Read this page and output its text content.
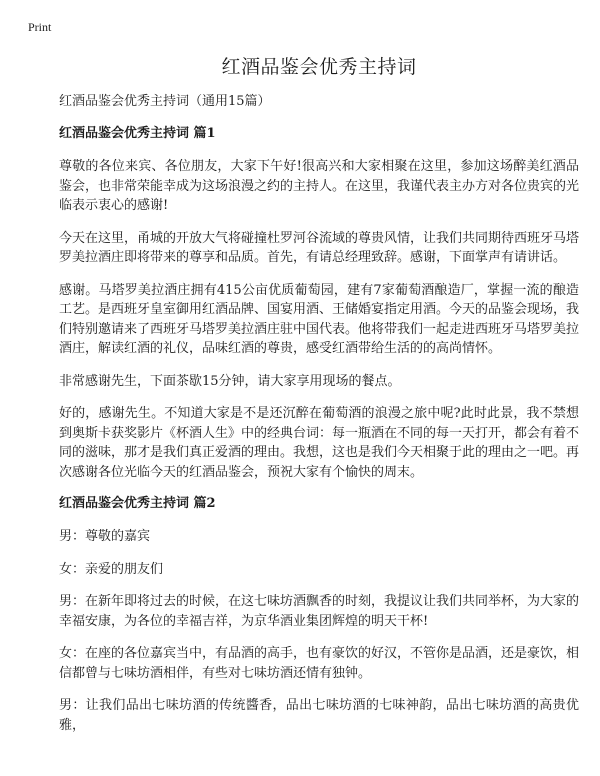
Print
红酒品鉴会优秀主持词
红酒品鉴会优秀主持词（通用15篇）
红酒品鉴会优秀主持词 篇1

尊敬的各位来宾、各位朋友，大家下午好!很高兴和大家相聚在这里，参加这场醉美红酒品鉴会，也非常荣能幸成为这场浪漫之约的主持人。在这里，我谨代表主办方对各位贵宾的光临表示衷心的感谢!

今天在这里，甬城的开放大气将碰撞杜罗河谷流域的尊贵风情，让我们共同期待西班牙马塔罗美拉酒庄即将带来的尊享和品质。首先，有请总经理致辞。感谢，下面掌声有请讲话。

感谢。马塔罗美拉酒庄拥有415公亩优质葡萄园，建有7家葡萄酒酿造厂，掌握一流的酿造工艺。是西班牙皇室御用红酒品牌、国宴用酒、王储婚宴指定用酒。今天的品鉴会现场，我们特别邀请来了西班牙马塔罗美拉酒庄驻中国代表。他将带我们一起走进西班牙马塔罗美拉酒庄，解读红酒的礼仪，品味红酒的尊贵，感受红酒带给生活的的高尚情怀。

非常感谢先生，下面茶歇15分钟，请大家享用现场的餐点。

好的，感谢先生。不知道大家是不是还沉醉在葡萄酒的浪漫之旅中呢?此时此景，我不禁想到奥斯卡获奖影片《杯酒人生》中的经典台词：每一瓶酒在不同的每一天打开，都会有着不同的滋味，那才是我们真正爱酒的理由。我想，这也是我们今天相聚于此的理由之一吧。再次感谢各位光临今天的红酒品鉴会，预祝大家有个愉快的周末。

红酒品鉴会优秀主持词 篇2

男：尊敬的嘉宾

女：亲爱的朋友们

男：在新年即将过去的时候，在这七味坊酒飘香的时刻，我提议让我们共同举杯，为大家的幸福安康，为各位的幸福吉祥，为京华酒业集团辉煌的明天干杯!

女：在座的各位嘉宾当中，有品酒的高手，也有豪饮的好汉，不管你是品酒，还是豪饮，相信都曾与七味坊酒相伴，有些对七味坊酒还情有独钟。

男：让我们品出七味坊酒的传统醬香，品出七味坊酒的七味神韵，品出七味坊酒的高贵优雅，
